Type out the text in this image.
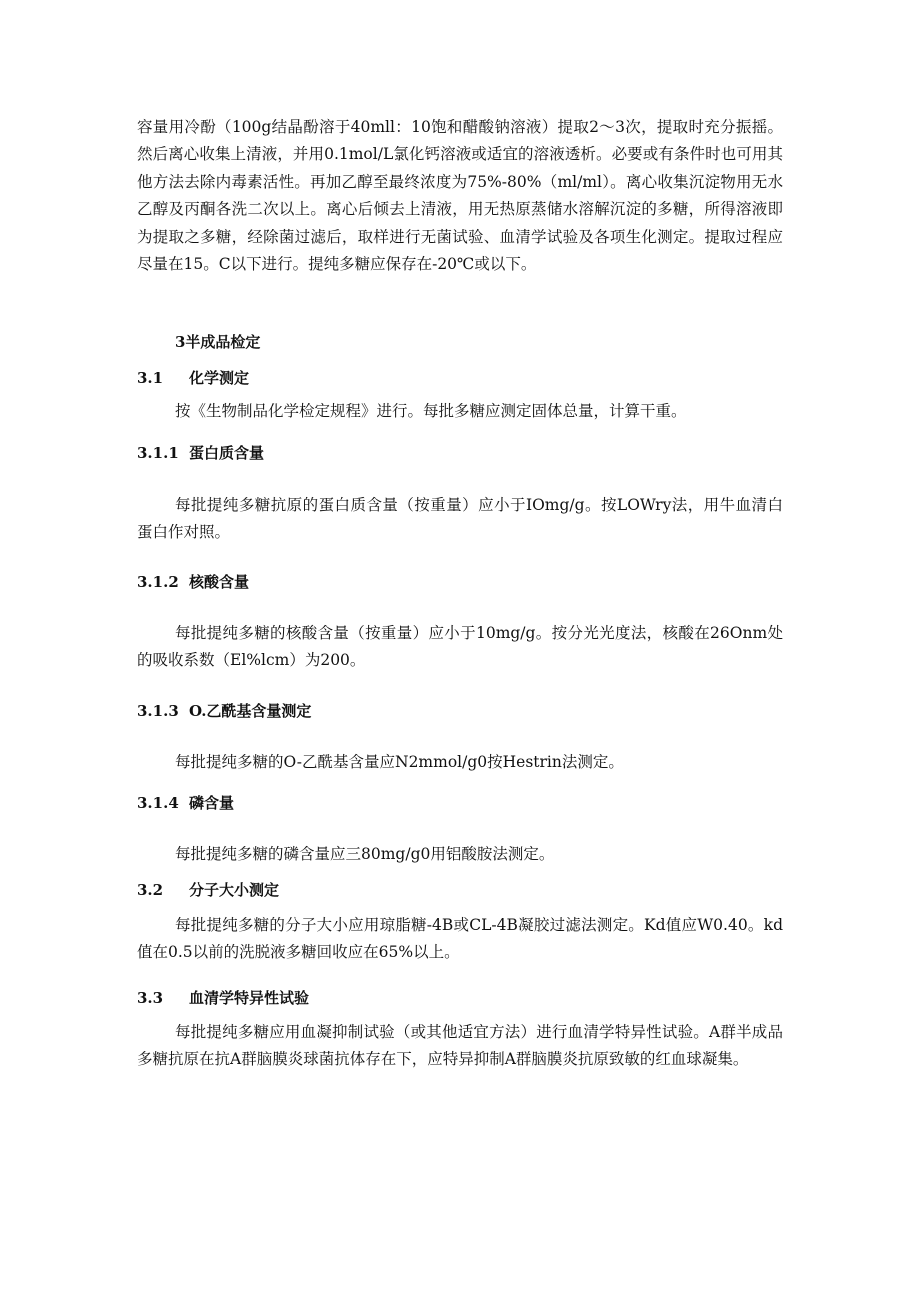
容量用冷酚（100g结晶酚溶于40mll：10饱和醋酸钠溶液）提取2～3次，提取时充分振摇。然后离心收集上清液，并用0.1mol/L氯化钙溶液或适宜的溶液透析。必要或有条件时也可用其他方法去除内毒素活性。再加乙醇至最终浓度为75%-80%（ml/ml）。离心收集沉淀物用无水乙醇及丙酮各洗二次以上。离心后倾去上清液，用无热原蒸储水溶解沉淀的多糖，所得溶液即为提取之多糖，经除菌过滤后，取样进行无菌试验、血清学试验及各项生化测定。提取过程应尽量在15。C以下进行。提纯多糖应保存在-20℃或以下。

3半成品检定
3.1 化学测定

按《生物制品化学检定规程》进行。每批多糖应测定固体总量，计算干重。

3.1.1 蛋白质含量

每批提纯多糖抗原的蛋白质含量（按重量）应小于IOmg/g。按LOWry法，用牛血清白蛋白作对照。

3.1.2 核酸含量

每批提纯多糖的核酸含量（按重量）应小于10mg/g。按分光光度法，核酸在26Onm处的吸收系数（El%lcm）为200。

3.1.3 O.乙酰基含量测定

每批提纯多糖的O-乙酰基含量应N2mmol/g0按Hestrin法测定。

3.1.4 磷含量

每批提纯多糖的磷含量应三80mg/g0用铝酸胺法测定。

3.2 分子大小测定

每批提纯多糖的分子大小应用琼脂糖-4B或CL-4B凝胶过滤法测定。Kd值应W0.40。kd值在0.5以前的洗脱液多糖回收应在65%以上。

3.3 血清学特异性试验

每批提纯多糖应用血凝抑制试验（或其他适宜方法）进行血清学特异性试验。A群半成品多糖抗原在抗A群脑膜炎球菌抗体存在下，应特异抑制A群脑膜炎抗原致敏的红血球凝集。
